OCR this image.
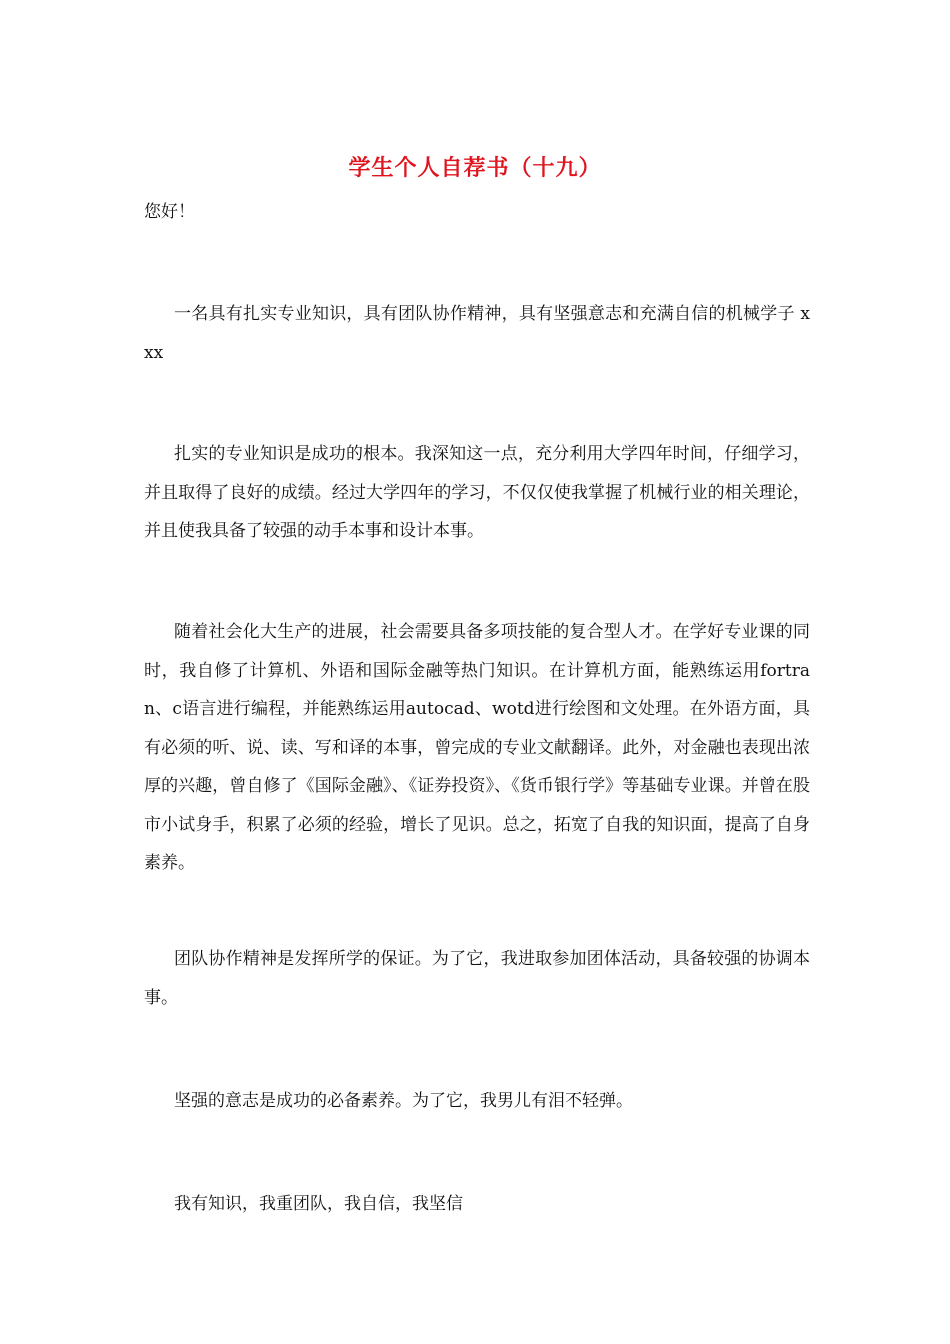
学生个人自荐书（十九）

您好！

一名具有扎实专业知识，具有团队协作精神，具有坚强意志和充满自信的机械学子 xxx

扎实的专业知识是成功的根本。我深知这一点，充分利用大学四年时间，仔细学习，并且取得了良好的成绩。经过大学四年的学习，不仅仅使我掌握了机械行业的相关理论，并且使我具备了较强的动手本事和设计本事。

随着社会化大生产的进展，社会需要具备多项技能的复合型人才。在学好专业课的同时，我自修了计算机、外语和国际金融等热门知识。在计算机方面，能熟练运用fortran、c语言进行编程，并能熟练运用autocad、wotd进行绘图和文处理。在外语方面，具有必须的听、说、读、写和译的本事，曾完成的专业文献翻译。此外，对金融也表现出浓厚的兴趣，曾自修了《国际金融》、《证券投资》、《货币银行学》等基础专业课。并曾在股市小试身手，积累了必须的经验，增长了见识。总之，拓宽了自我的知识面，提高了自身素养。

团队协作精神是发挥所学的保证。为了它，我进取参加团体活动，具备较强的协调本事。

坚强的意志是成功的必备素养。为了它，我男儿有泪不轻弹。

我有知识，我重团队，我自信，我坚信
